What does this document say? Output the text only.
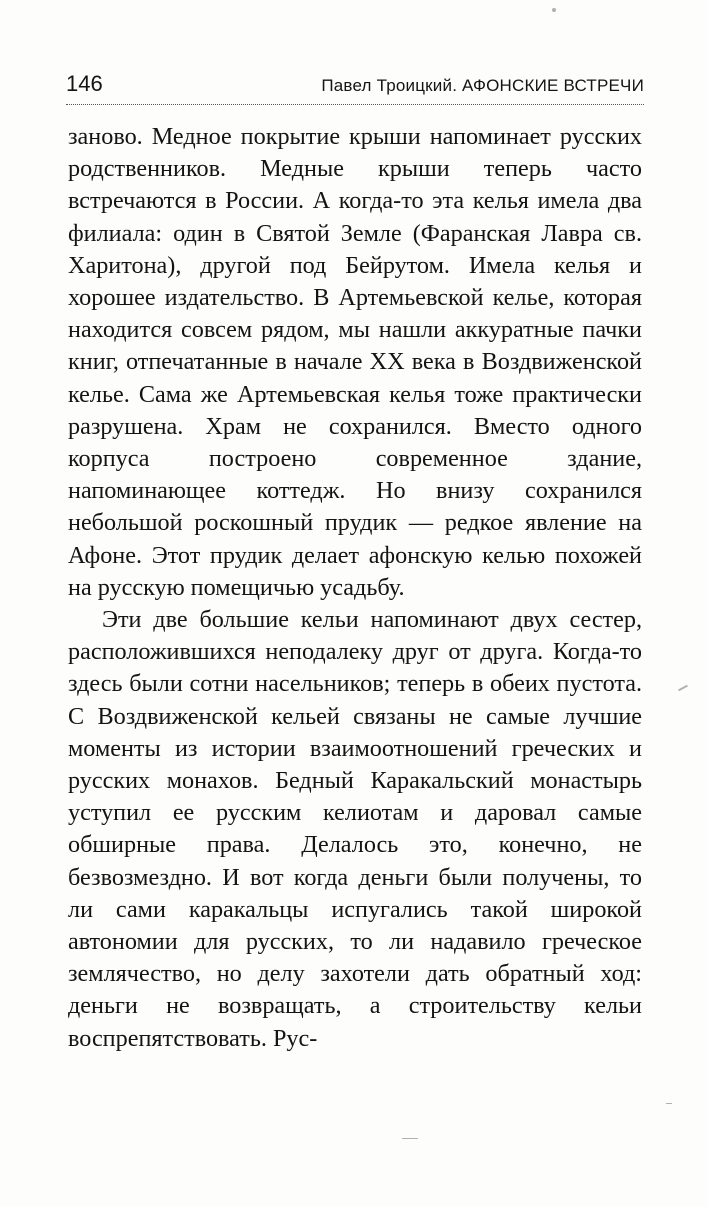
146	Павел Троицкий. АФОНСКИЕ ВСТРЕЧИ

заново. Медное покрытие крыши напоминает русских родственников. Медные крыши теперь часто встречаются в России. А когда-то эта келья имела два филиала: один в Святой Земле (Фаранская Лавра св. Харитона), другой под Бейрутом. Имела келья и хорошее издательство. В Артемьевской келье, которая находится совсем рядом, мы нашли аккуратные пачки книг, отпечатанные в начале XX века в Воздвиженской келье. Сама же Артемьевская келья тоже практически разрушена. Храм не сохранился. Вместо одного корпуса построено современное здание, напоминающее коттедж. Но внизу сохранился небольшой роскошный прудик — редкое явление на Афоне. Этот прудик делает афонскую келью похожей на русскую помещичью усадьбу.

Эти две большие кельи напоминают двух сестер, расположившихся неподалеку друг от друга. Когда-то здесь были сотни насельников; теперь в обеих пустота. С Воздвиженской кельей связаны не самые лучшие моменты из истории взаимоотношений греческих и русских монахов. Бедный Каракальский монастырь уступил ее русским келиотам и даровал самые обширные права. Делалось это, конечно, не безвозмездно. И вот когда деньги были получены, то ли сами каракальцы испугались такой широкой автономии для русских, то ли надавило греческое землячество, но делу захотели дать обратный ход: деньги не возвращать, а строительству кельи воспрепятствовать. Рус-
